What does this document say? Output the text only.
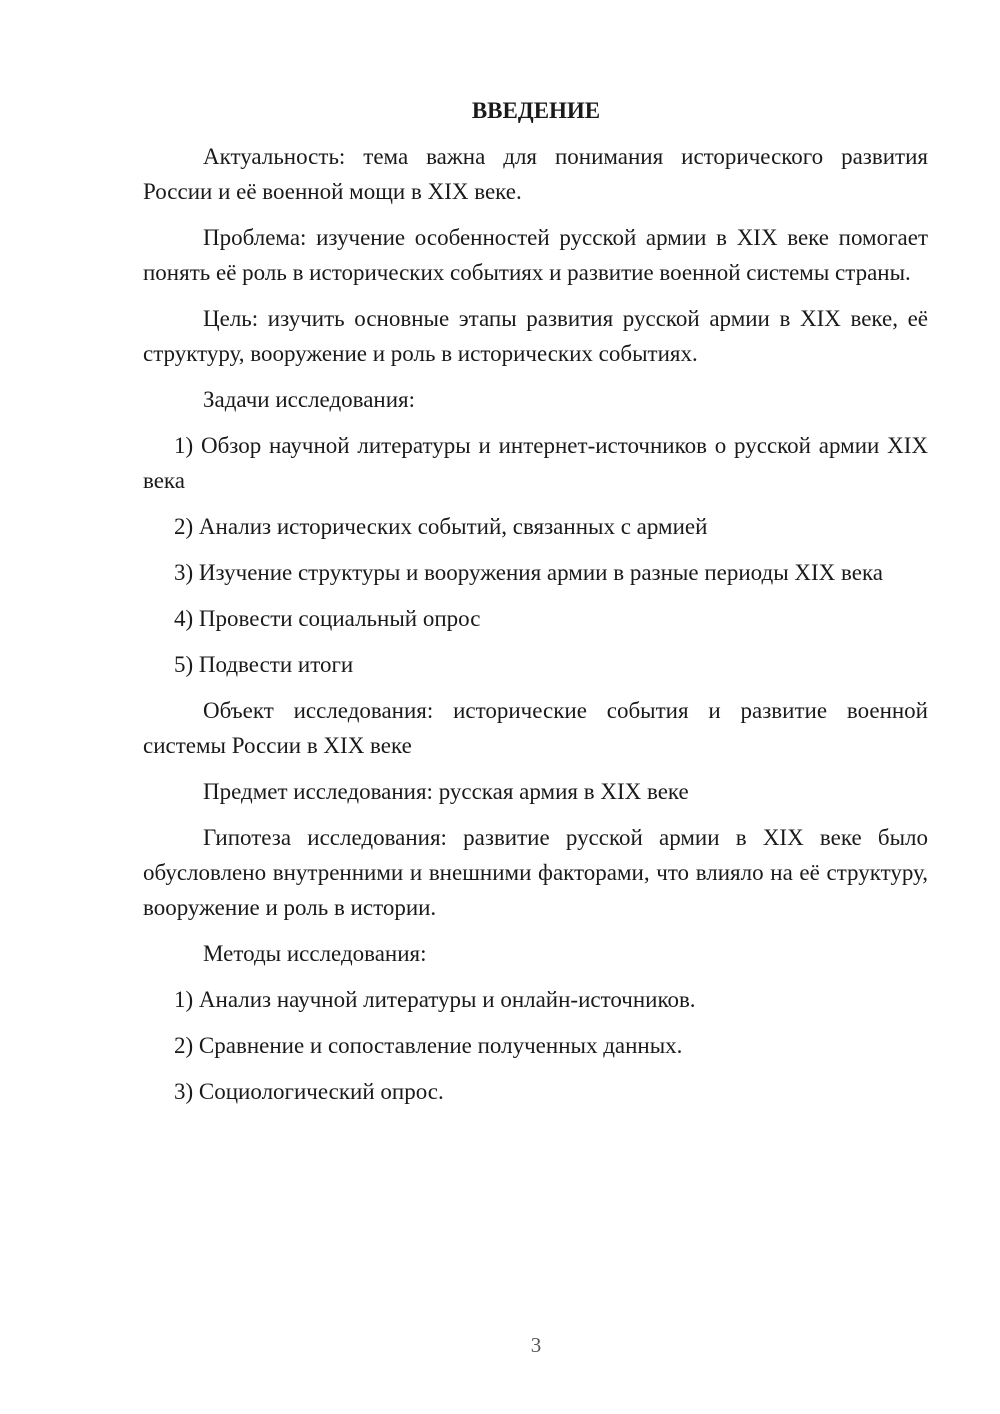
ВВЕДЕНИЕ

Актуальность: тема важна для понимания исторического развития России и её военной мощи в XIX веке.

Проблема: изучение особенностей русской армии в XIX веке помогает понять её роль в исторических событиях и развитие военной системы страны.

Цель: изучить основные этапы развития русской армии в XIX веке, её структуру, вооружение и роль в исторических событиях.

Задачи исследования:

1) Обзор научной литературы и интернет-источников о русской армии XIX века

2) Анализ исторических событий, связанных с армией

3) Изучение структуры и вооружения армии в разные периоды XIX века

4) Провести социальный опрос

5) Подвести итоги

Объект исследования: исторические события и развитие военной системы России в XIX веке

Предмет исследования: русская армия в XIX веке

Гипотеза исследования: развитие русской армии в XIX веке было обусловлено внутренними и внешними факторами, что влияло на её структуру, вооружение и роль в истории.

Методы исследования:

1) Анализ научной литературы и онлайн-источников.

2) Сравнение и сопоставление полученных данных.

3) Социологический опрос.

3
